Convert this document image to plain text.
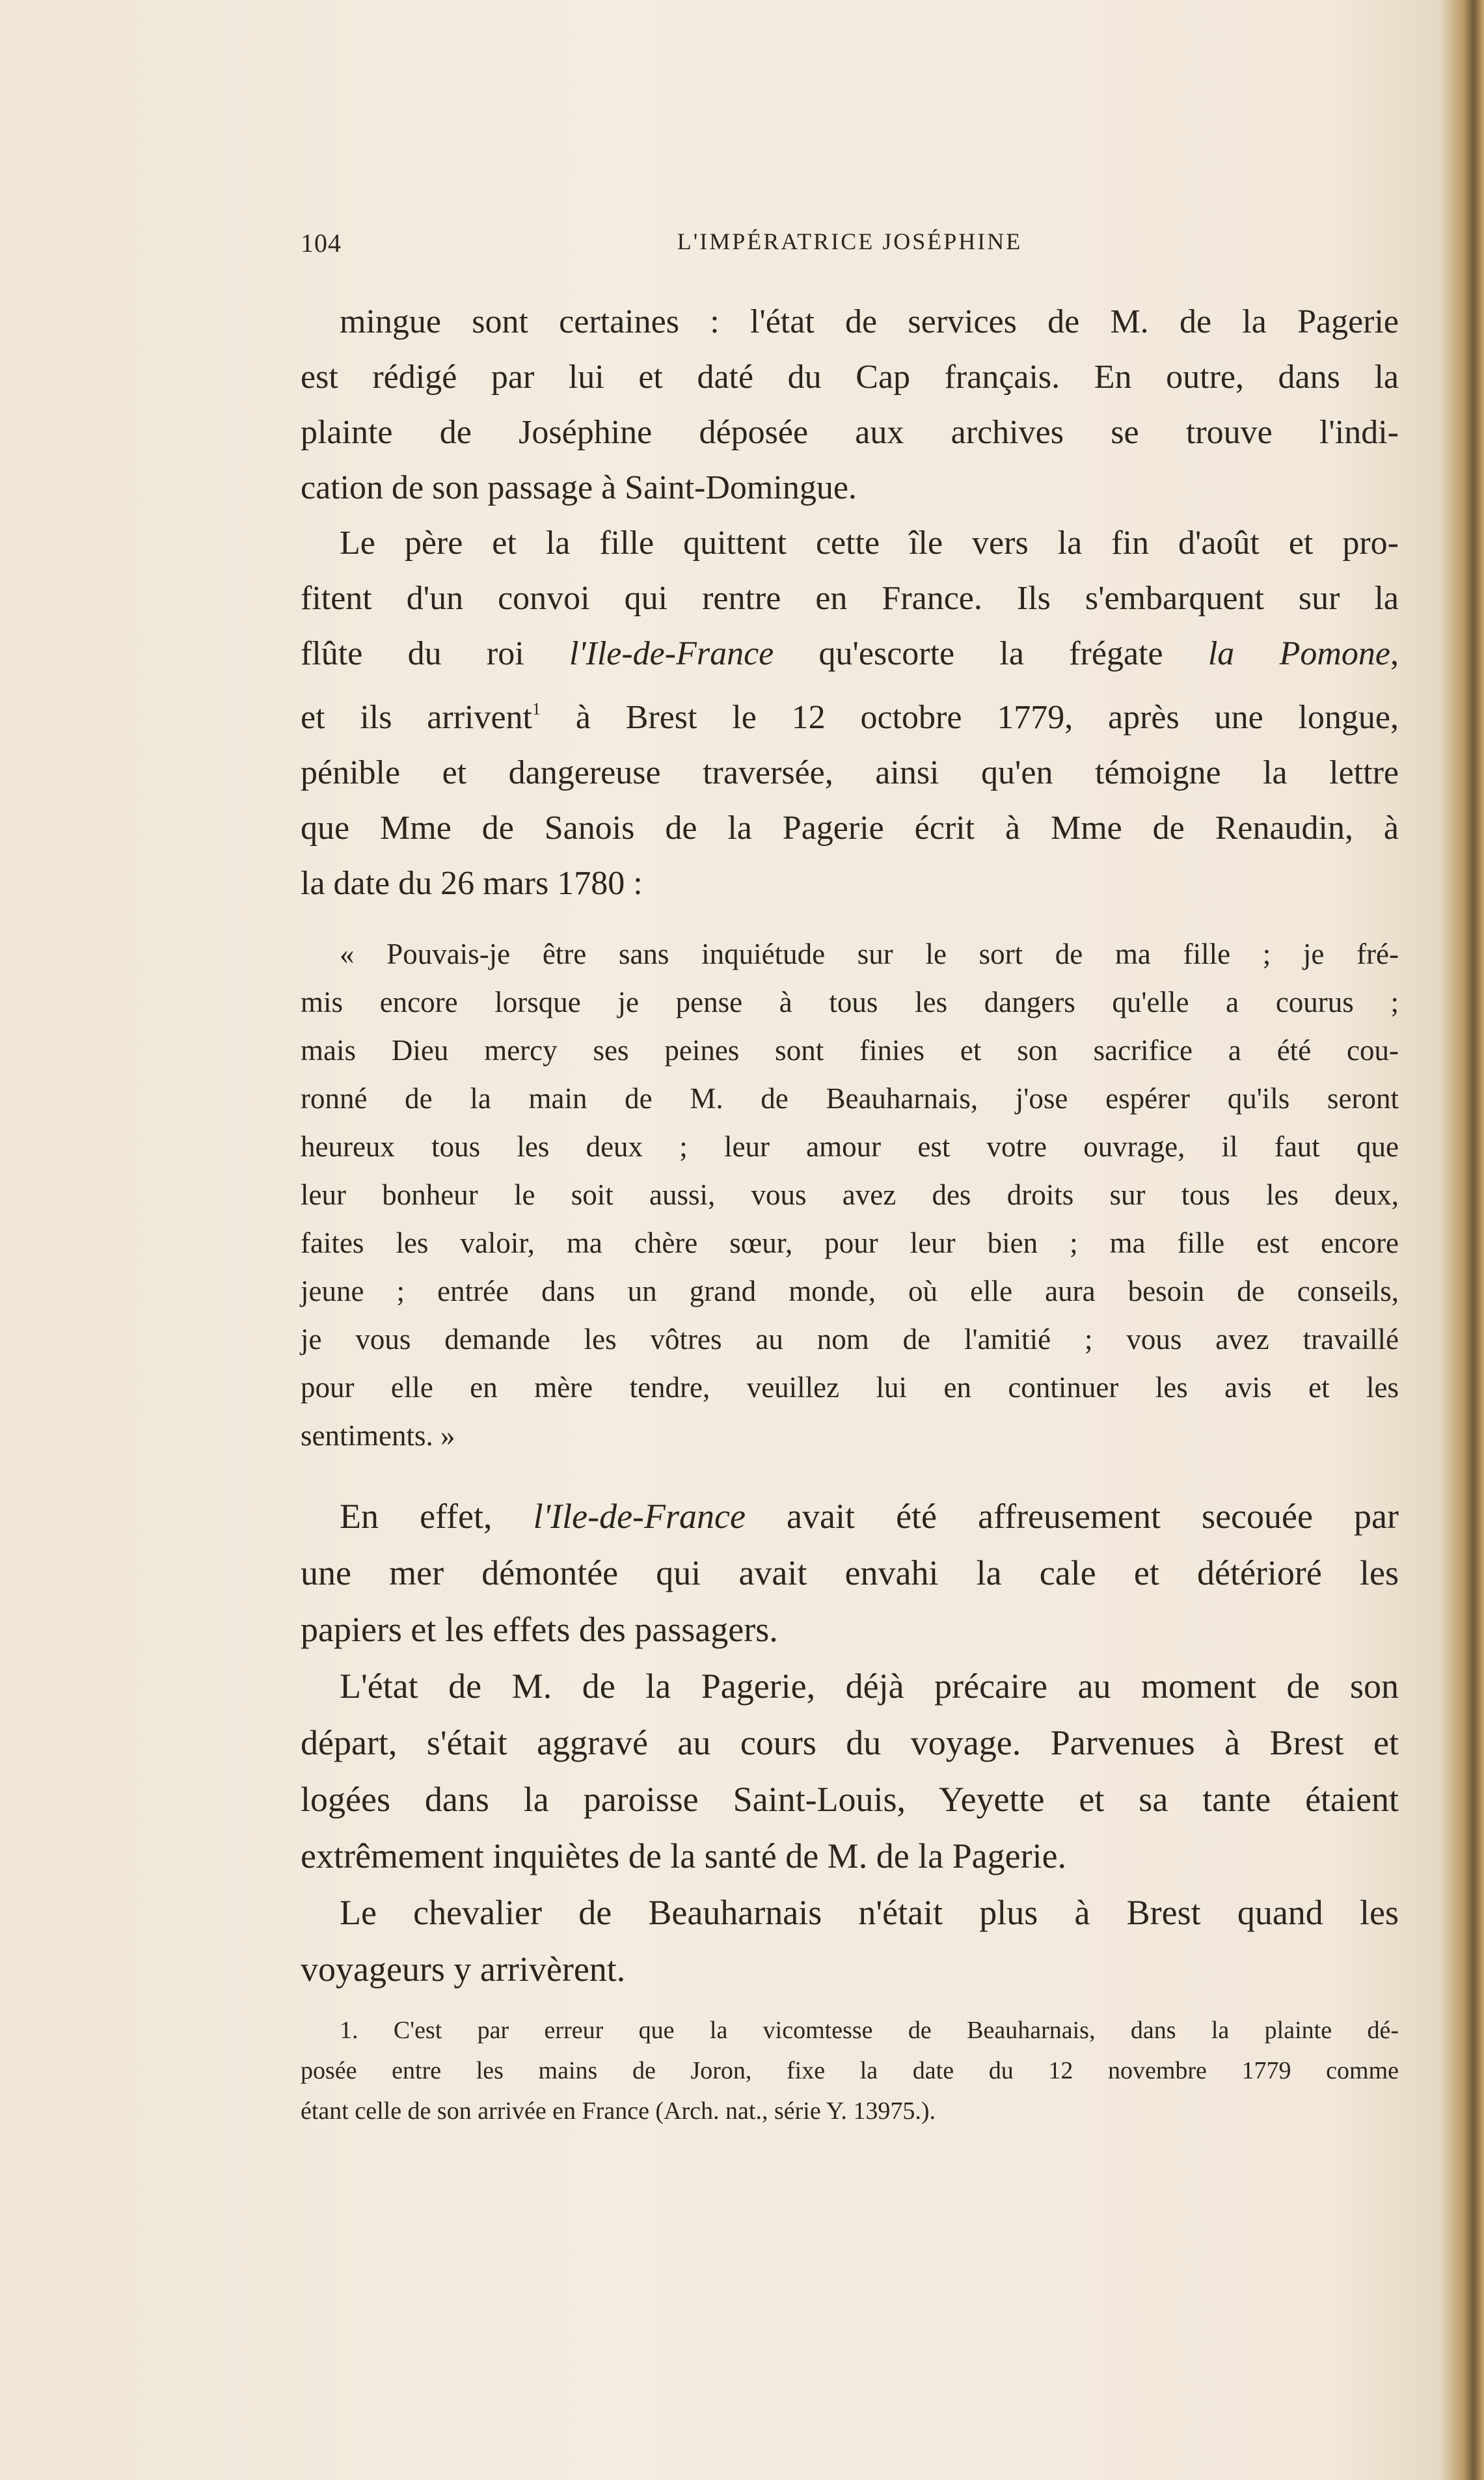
104	L'IMPÉRATRICE JOSÉPHINE
mingue sont certaines : l'état de services de M. de la Pagerie
est rédigé par lui et daté du Cap français. En outre, dans la
plainte de Joséphine déposée aux archives se trouve l'indi-
cation de son passage à Saint-Domingue.
Le père et la fille quittent cette île vers la fin d'août et pro-
fitent d'un convoi qui rentre en France. Ils s'embarquent sur la
flûte du roi l'Ile-de-France qu'escorte la frégate la Pomone,
et ils arrivent$^1$ à Brest le 12 octobre 1779, après une longue,
pénible et dangereuse traversée, ainsi qu'en témoigne la lettre
que Mme de Sanois de la Pagerie écrit à Mme de Renaudin, à
la date du 26 mars 1780 :
« Pouvais-je être sans inquiétude sur le sort de ma fille ; je fré-
mis encore lorsque je pense à tous les dangers qu'elle a courus ;
mais Dieu mercy ses peines sont finies et son sacrifice a été cou-
ronné de la main de M. de Beauharnais, j'ose espérer qu'ils seront
heureux tous les deux ; leur amour est votre ouvrage, il faut que
leur bonheur le soit aussi, vous avez des droits sur tous les deux,
faites les valoir, ma chère sœur, pour leur bien ; ma fille est encore
jeune ; entrée dans un grand monde, où elle aura besoin de conseils,
je vous demande les vôtres au nom de l'amitié ; vous avez travaillé
pour elle en mère tendre, veuillez lui en continuer les avis et les
sentiments. »
En effet, l'Ile-de-France avait été affreusement secouée par
une mer démontée qui avait envahi la cale et détérioré les
papiers et les effets des passagers.
L'état de M. de la Pagerie, déjà précaire au moment de son
départ, s'était aggravé au cours du voyage. Parvenues à Brest et
logées dans la paroisse Saint-Louis, Yeyette et sa tante étaient
extrêmement inquiètes de la santé de M. de la Pagerie.
Le chevalier de Beauharnais n'était plus à Brest quand les
voyageurs y arrivèrent.
1. C'est par erreur que la vicomtesse de Beauharnais, dans la plainte dé-
posée entre les mains de Joron, fixe la date du 12 novembre 1779 comme
étant celle de son arrivée en France (Arch. nat., série Y. 13975.).
